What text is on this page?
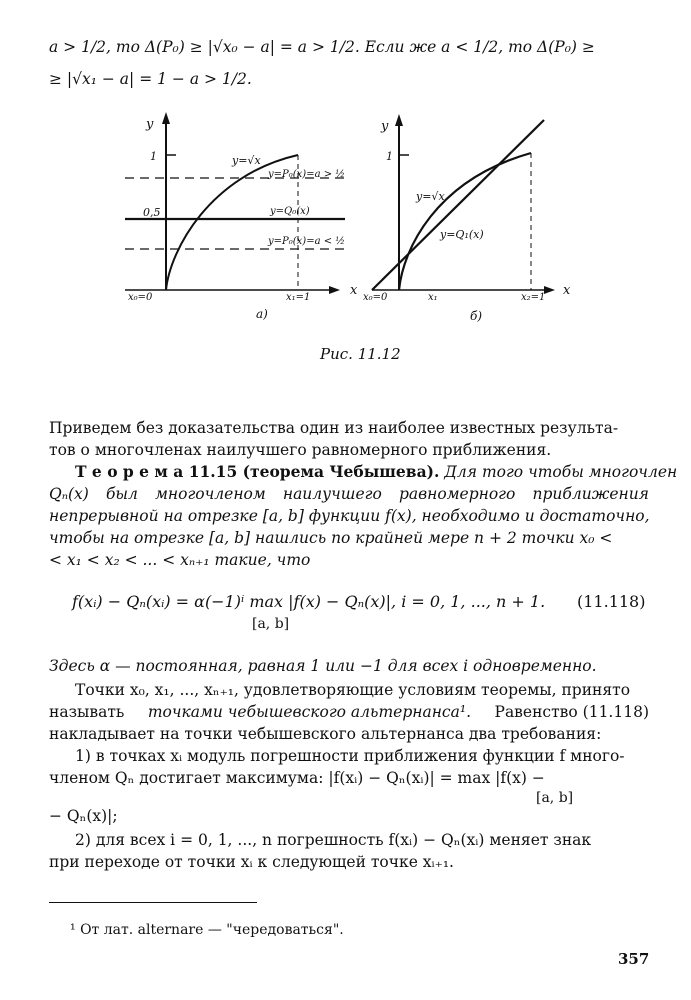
a > 1/2, то Δ(P₀) ≥ |√x₀ − a| = a > 1/2. Если же a < 1/2, то Δ(P₀) ≥
≥ |√x₁ − a| = 1 − a > 1/2.
y
x
1
0,5
x₀=0	x₁=1
y=√x
y=P₀(x)=a > ½
y=Q₀(x)
y=P₀(x)=a < ½
а)
y
x
1
x₀=0	x₁	x₂=1
y=√x
y=Q₁(x)
б)
Рис. 11.12
Приведем без доказательства один из наиболее известных результа-
тов о многочленах наилучшего равномерного приближения.
Т е о р е м а 11.15 (теорема Чебышева). Для того чтобы многочлен
Qₙ(x) был многочленом наилучшего равномерного приближения
непрерывной на отрезке [a, b] функции f(x), необходимо и достаточно,
чтобы на отрезке [a, b] нашлись по крайней мере n + 2 точки x₀ <
< x₁ < x₂ < ... < xₙ₊₁ такие, что
f(xᵢ) − Qₙ(xᵢ) = α(−1)ⁱ max |f(x) − Qₙ(x)|, i = 0, 1, ..., n + 1. (11.118)
[a, b]
Здесь α — постоянная, равная 1 или −1 для всех i одновременно.
Точки x₀, x₁, ..., xₙ₊₁, удовлетворяющие условиям теоремы, принято
называть точками чебышевского альтернанса¹. Равенство (11.118)
накладывает на точки чебышевского альтернанса два требования:
1) в точках xᵢ модуль погрешности приближения функции f много-
членом Qₙ достигает максимума: |f(xᵢ) − Qₙ(xᵢ)| = max |f(x) −
[a, b]
− Qₙ(x)|;
2) для всех i = 0, 1, ..., n погрешность f(xᵢ) − Qₙ(xᵢ) меняет знак
при переходе от точки xᵢ к следующей точке xᵢ₊₁.
¹ От лат. alternare — "чередоваться".
357
